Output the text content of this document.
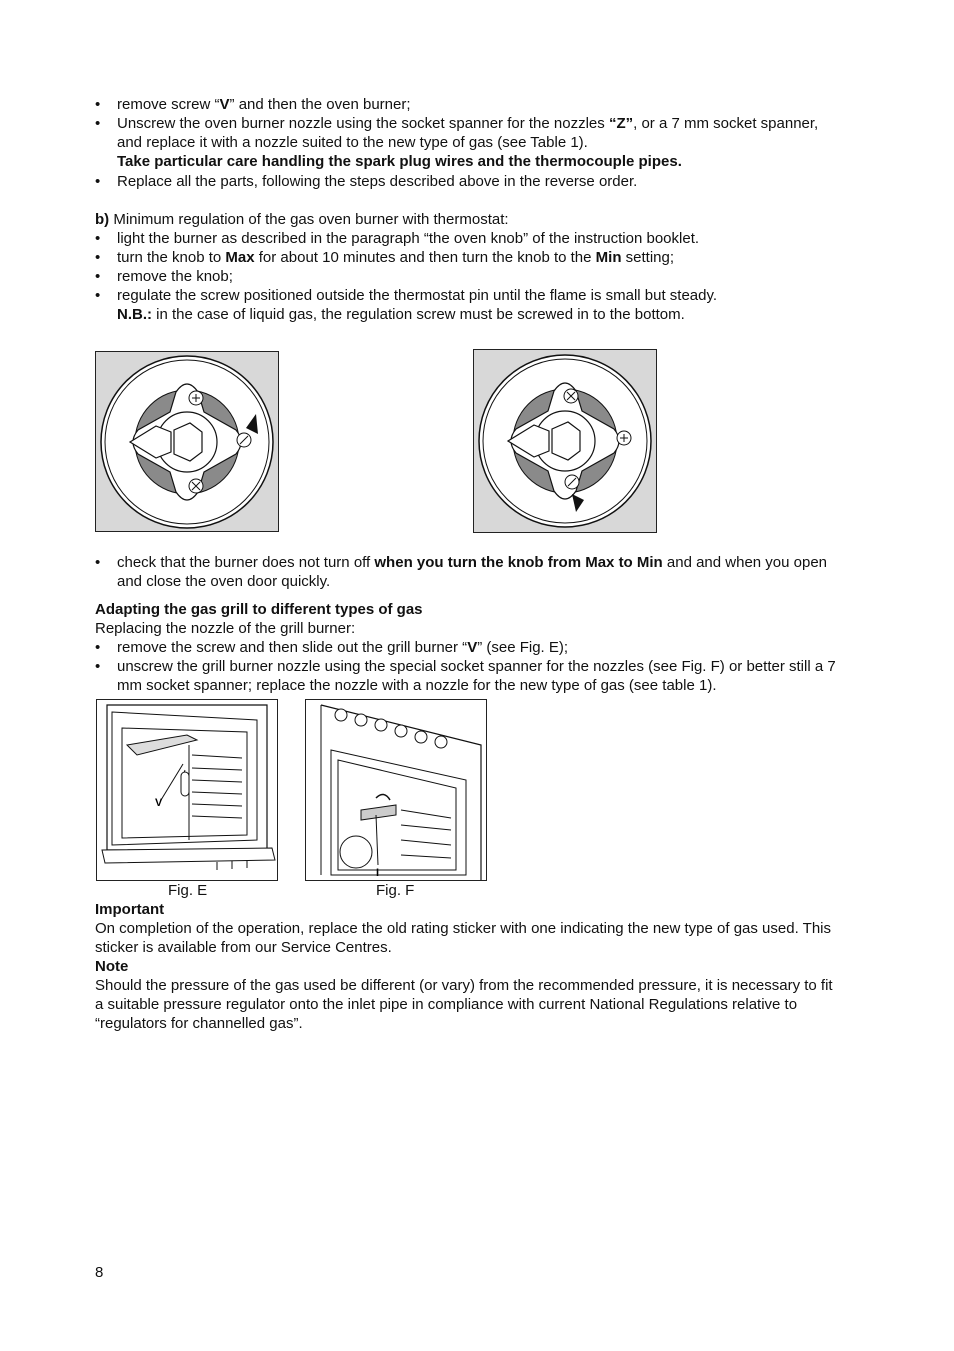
• remove screw “V” and then the oven burner;
• Unscrew the oven burner nozzle using the socket spanner for the nozzles “Z”, or a 7 mm socket spanner, and replace it with a nozzle suited to the new type of gas (see Table 1).
Take particular care handling the spark plug wires and the thermocouple pipes.
• Replace all the parts, following the steps described above in the reverse order.
b) Minimum regulation of the gas oven burner with thermostat:
• light the burner as described in the paragraph “the oven knob” of the instruction booklet.
• turn the knob to Max for about 10 minutes and then turn the knob to the Min setting;
• remove the knob;
• regulate the screw positioned outside the thermostat pin until the flame is small but steady.
N.B.: in the case of liquid gas, the regulation screw must be screwed in to the bottom.
• check that the burner does not turn off when you turn the knob from Max to Min and and when you open and close the oven door quickly.
Adapting the gas grill to different types of gas
Replacing the nozzle of the grill burner:
• remove the screw and then slide out the grill burner “V” (see Fig. E);
• unscrew the grill burner nozzle using the special socket spanner for the nozzles (see Fig. F) or better still a 7 mm socket spanner; replace the nozzle with a nozzle for the new type of gas (see table 1).
V
Fig. E
I
Fig. F
Important
On completion of the operation, replace the old rating sticker with one indicating the new type of gas used. This sticker is available from our Service Centres.
Note
Should the pressure of the gas used be different (or vary) from the recommended pressure, it is necessary to fit a suitable pressure regulator onto the inlet pipe in compliance with current National Regulations relative to “regulators for channelled gas”.
8
